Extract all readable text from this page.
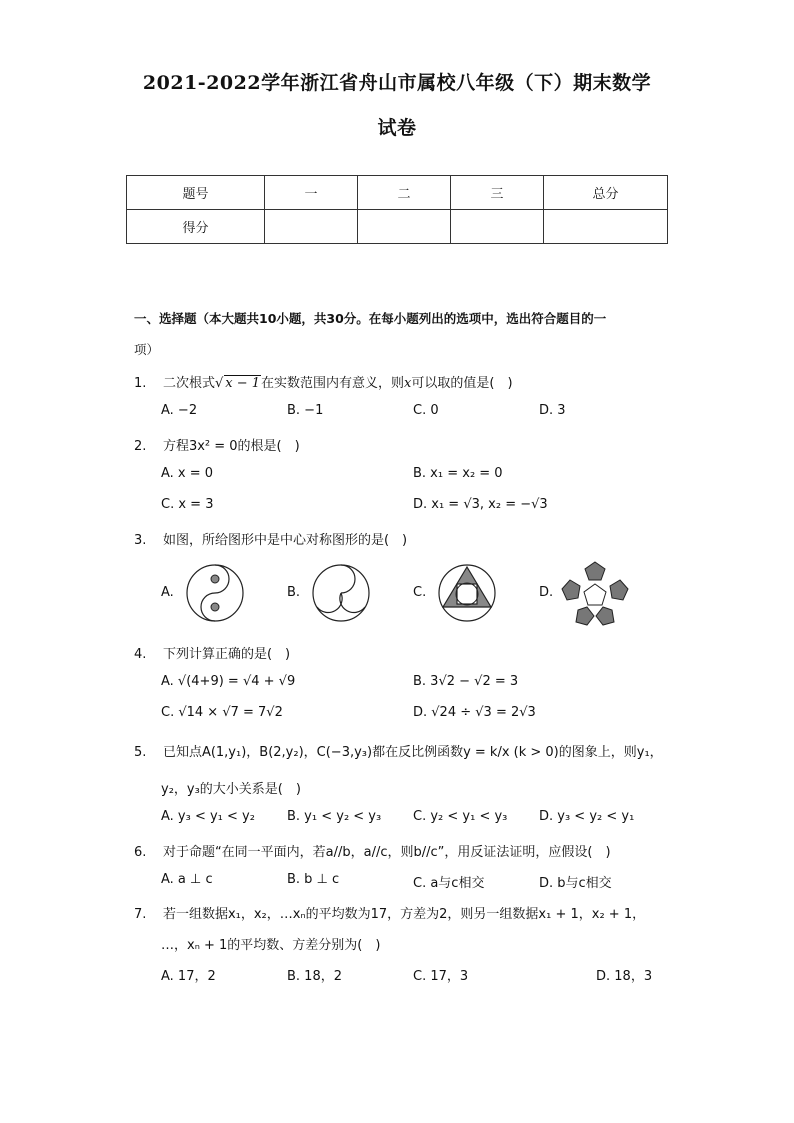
2021-2022学年浙江省舟山市属校八年级（下）期末数学
试卷
题号	一	二	三	总分
得分				
一、选择题（本大题共10小题，共30分。在每小题列出的选项中，选出符合题目的一
项）
1. 二次根式√ x − 1在实数范围内有意义，则x可以取的值是(　)
A. −2	B. −1	C. 0	D. 3
2. 方程3x² = 0的根是(　)
A. x = 0	B. x₁ = x₂ = 0
C. x = 3	D. x₁ = √3, x₂ = −√3
3. 如图，所给图形中是中心对称图形的是(　)
A.	B.	C.	D.
4. 下列计算正确的是(　)
A. √(4+9) = √4 + √9	B. 3√2 − √2 = 3
C. √14 × √7 = 7√2	D. √24 ÷ √3 = 2√3
5. 已知点A(1,y₁)，B(2,y₂)，C(−3,y₃)都在反比例函数y = k/x (k > 0)的图象上，则y₁，
y₂，y₃的大小关系是(　)
A. y₃ < y₁ < y₂ B. y₁ < y₂ < y₃ C. y₂ < y₁ < y₃ D. y₃ < y₂ < y₁
6. 对于命题“在同一平面内，若a//b，a//c，则b//c”，用反证法证明，应假设(　)
A. a ⊥ c	B. b ⊥ c	C. a与c相交	D. b与c相交
7. 若一组数据x₁，x₂，…xₙ的平均数为17，方差为2，则另一组数据x₁ + 1，x₂ + 1，
…，xₙ + 1的平均数、方差分别为(　)
A. 17，2	B. 18，2	C. 17，3	D. 18，3
